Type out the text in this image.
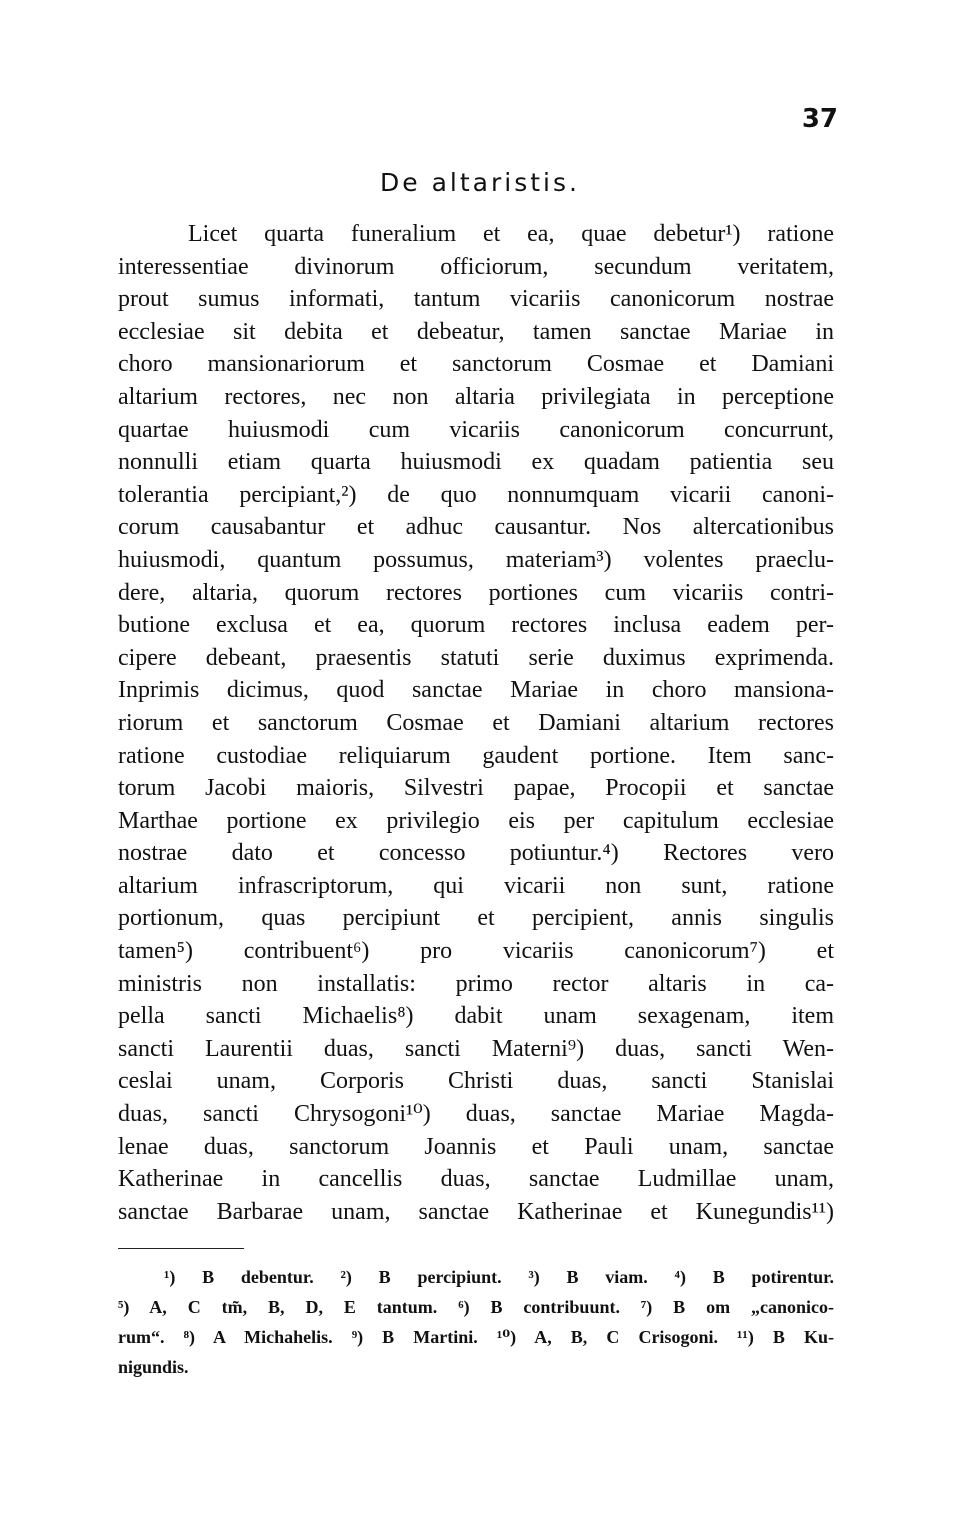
37
De altaristis.
Licet quarta funeralium et ea, quae debetur¹) ratione
interessentiae divinorum officiorum, secundum veritatem,
prout sumus informati, tantum vicariis canonicorum nostrae
ecclesiae sit debita et debeatur, tamen sanctae Mariae in
choro mansionariorum et sanctorum Cosmae et Damiani
altarium rectores, nec non altaria privilegiata in perceptione
quartae huiusmodi cum vicariis canonicorum concurrunt,
nonnulli etiam quarta huiusmodi ex quadam patientia seu
tolerantia percipiant,²) de quo nonnumquam vicarii canoni-
corum causabantur et adhuc causantur. Nos altercationibus
huiusmodi, quantum possumus, materiam³) volentes praeclu-
dere, altaria, quorum rectores portiones cum vicariis contri-
butione exclusa et ea, quorum rectores inclusa eadem per-
cipere debeant, praesentis statuti serie duximus exprimenda.
Inprimis dicimus, quod sanctae Mariae in choro mansiona-
riorum et sanctorum Cosmae et Damiani altarium rectores
ratione custodiae reliquiarum gaudent portione. Item sanc-
torum Jacobi maioris, Silvestri papae, Procopii et sanctae
Marthae portione ex privilegio eis per capitulum ecclesiae
nostrae dato et concesso potiuntur.⁴) Rectores vero
altarium infrascriptorum, qui vicarii non sunt, ratione
portionum, quas percipiunt et percipient, annis singulis
tamen⁵) contribuent⁶) pro vicariis canonicorum⁷) et
ministris non installatis: primo rector altaris in ca-
pella sancti Michaelis⁸) dabit unam sexagenam, item
sancti Laurentii duas, sancti Materni⁹) duas, sancti Wen-
ceslai unam, Corporis Christi duas, sancti Stanislai
duas, sancti Chrysogoni¹⁰) duas, sanctae Mariae Magda-
lenae duas, sanctorum Joannis et Pauli unam, sanctae
Katherinae in cancellis duas, sanctae Ludmillae unam,
sanctae Barbarae unam, sanctae Katherinae et Kunegundis¹¹)
¹) B debentur. ²) B percipiunt. ³) B viam. ⁴) B potirentur.
⁵) A, C tm̃, B, D, E tantum. ⁶) B contribuunt. ⁷) B om „canonico-
rum“. ⁸) A Michahelis. ⁹) B Martini. ¹⁰) A, B, C Crisogoni. ¹¹) B Ku-
nigundis.
